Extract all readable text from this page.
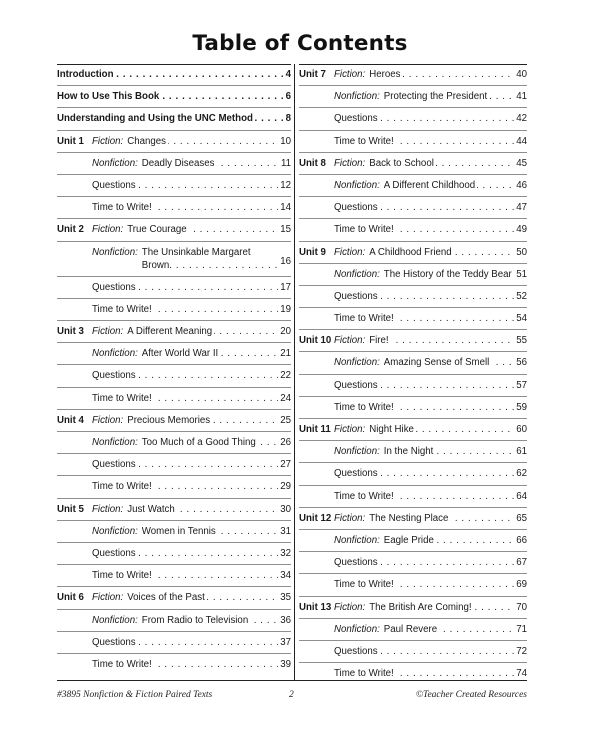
Table of Contents
Introduction . . .	4
How to Use This Book . . .	6
Understanding and Using the UNC Method . . .	8
Unit 1 Fiction: Changes . . .	10
Nonfiction: Deadly Diseases . . .	11
Questions . . .	12
Time to Write! . . .	14
Unit 2 Fiction: True Courage . . .	15
Nonfiction: The Unsinkable Margaret
Brown . . .	16
Questions . . .	17
Time to Write! . . .	19
Unit 3 Fiction: A Different Meaning . . .	20
Nonfiction: After World War II . . .	21
Questions . . .	22
Time to Write! . . .	24
Unit 4 Fiction: Precious Memories . . .	25
Nonfiction: Too Much of a Good Thing . . .	26
Questions . . .	27
Time to Write! . . .	29
Unit 5 Fiction: Just Watch . . .	30
Nonfiction: Women in Tennis . . .	31
Questions . . .	32
Time to Write! . . .	34
Unit 6 Fiction: Voices of the Past . . .	35
Nonfiction: From Radio to Television . . .	36
Questions . . .	37
Time to Write! . . .	39
Unit 7 Fiction: Heroes . . .	40
Nonfiction: Protecting the President . . .	41
Questions . . .	42
Time to Write! . . .	44
Unit 8 Fiction: Back to School . . .	45
Nonfiction: A Different Childhood . . .	46
Questions . . .	47
Time to Write! . . .	49
Unit 9 Fiction: A Childhood Friend . . .	50
Nonfiction: The History of the Teddy Bear . . . 51
Questions . . .	52
Time to Write! . . .	54
Unit 10 Fiction: Fire! . . .	55
Nonfiction: Amazing Sense of Smell . . .	56
Questions . . .	57
Time to Write! . . .	59
Unit 11 Fiction: Night Hike . . .	60
Nonfiction: In the Night . . .	61
Questions . . .	62
Time to Write! . . .	64
Unit 12 Fiction: The Nesting Place . . .	65
Nonfiction: Eagle Pride . . .	66
Questions . . .	67
Time to Write! . . .	69
Unit 13 Fiction: The British Are Coming! . . .	70
Nonfiction: Paul Revere . . .	71
Questions . . .	72
Time to Write! . . .	74
#3895 Nonfiction & Fiction Paired Texts	2	©Teacher Created Resources
